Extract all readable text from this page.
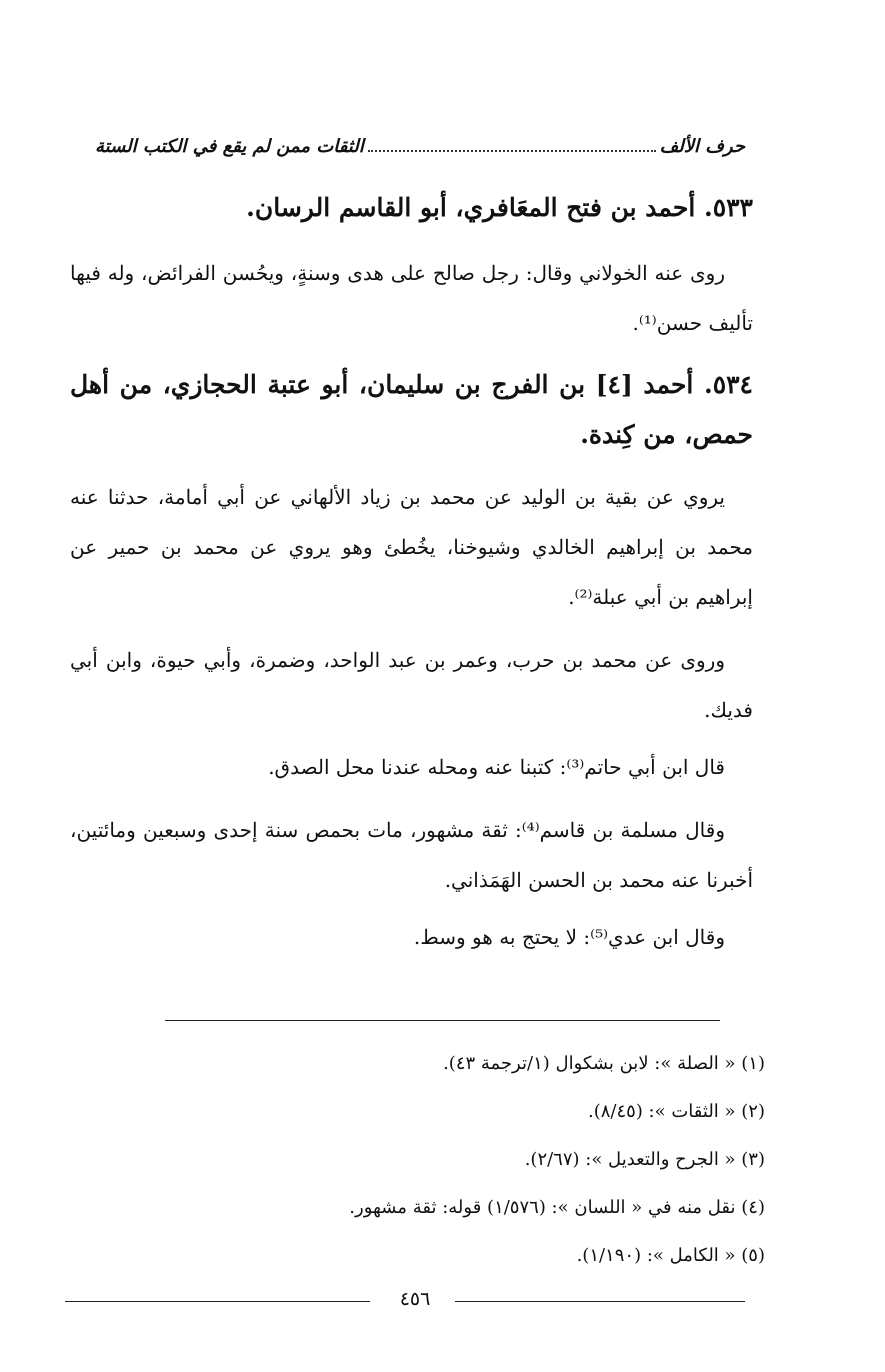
حرف الألف
الثقات ممن لم يقع في الكتب الستة
٥٣٣. أحمد بن فتح المعَافري، أبو القاسم الرسان.
روى عنه الخولاني وقال: رجل صالح على هدى وسنةٍ، ويحُسن الفرائض، وله فيها تأليف حسن⁽¹⁾.
٥٣٤. أحمد [٤] بن الفرج بن سليمان، أبو عتبة الحجازي، من أهل حمص، من كِندة.
يروي عن بقية بن الوليد عن محمد بن زياد الألهاني عن أبي أمامة، حدثنا عنه محمد بن إبراهيم الخالدي وشيوخنا، يخُطئ وهو يروي عن محمد بن حمير عن إبراهيم بن أبي عبلة⁽²⁾.
وروى عن محمد بن حرب، وعمر بن عبد الواحد، وضمرة، وأبي حيوة، وابن أبي فديك.
قال ابن أبي حاتم⁽³⁾: كتبنا عنه ومحله عندنا محل الصدق.
وقال مسلمة بن قاسم⁽⁴⁾: ثقة مشهور، مات بحمص سنة إحدى وسبعين ومائتين، أخبرنا عنه محمد بن الحسن الهَمَذاني.
وقال ابن عدي⁽⁵⁾: لا يحتج به هو وسط.
(١) « الصلة »: لابن بشكوال (١/ترجمة ٤٣).
(٢) « الثقات »: (٨/٤٥).
(٣) « الجرح والتعديل »: (٢/٦٧).
(٤) نقل منه في « اللسان »: (١/٥٧٦) قوله: ثقة مشهور.
(٥) « الكامل »: (١/١٩٠).
٤٥٦
